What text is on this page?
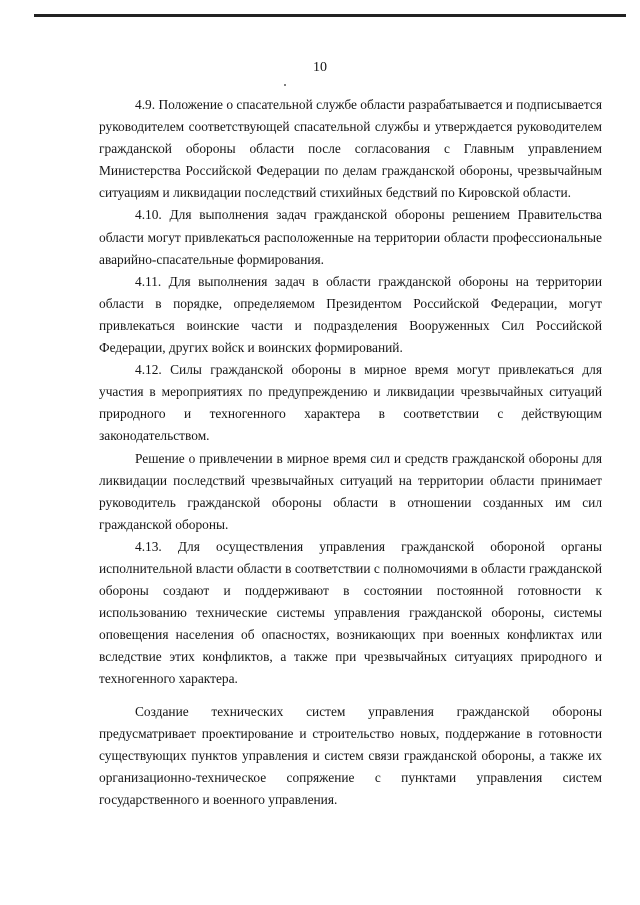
10

4.9. Положение о спасательной службе области разрабатывается и подписывается руководителем соответствующей спасательной службы и утверждается руководителем гражданской обороны области после согласования с Главным управлением Министерства Российской Федерации по делам гражданской обороны, чрезвычайным ситуациям и ликвидации последствий стихийных бедствий по Кировской области.

4.10. Для выполнения задач гражданской обороны решением Правительства области могут привлекаться расположенные на территории области профессиональные аварийно-спасательные формирования.

4.11. Для выполнения задач в области гражданской обороны на территории области в порядке, определяемом Президентом Российской Федерации, могут привлекаться воинские части и подразделения Вооруженных Сил Российской Федерации, других войск и воинских формирований.

4.12. Силы гражданской обороны в мирное время могут привлекаться для участия в мероприятиях по предупреждению и ликвидации чрезвычайных ситуаций природного и техногенного характера в соответствии с действующим законодательством.

Решение о привлечении в мирное время сил и средств гражданской обороны для ликвидации последствий чрезвычайных ситуаций на территории области принимает руководитель гражданской обороны области в отношении созданных им сил гражданской обороны.

4.13. Для осуществления управления гражданской обороной органы исполнительной власти области в соответствии с полномочиями в области гражданской обороны создают и поддерживают в состоянии постоянной готовности к использованию технические системы управления гражданской обороны, системы оповещения населения об опасностях, возникающих при военных конфликтах или вследствие этих конфликтов, а также при чрезвычайных ситуациях природного и техногенного характера.

Создание технических систем управления гражданской обороны предусматривает проектирование и строительство новых, поддержание в готовности существующих пунктов управления и систем связи гражданской обороны, а также их организационно-техническое сопряжение с пунктами управления систем государственного и военного управления.
